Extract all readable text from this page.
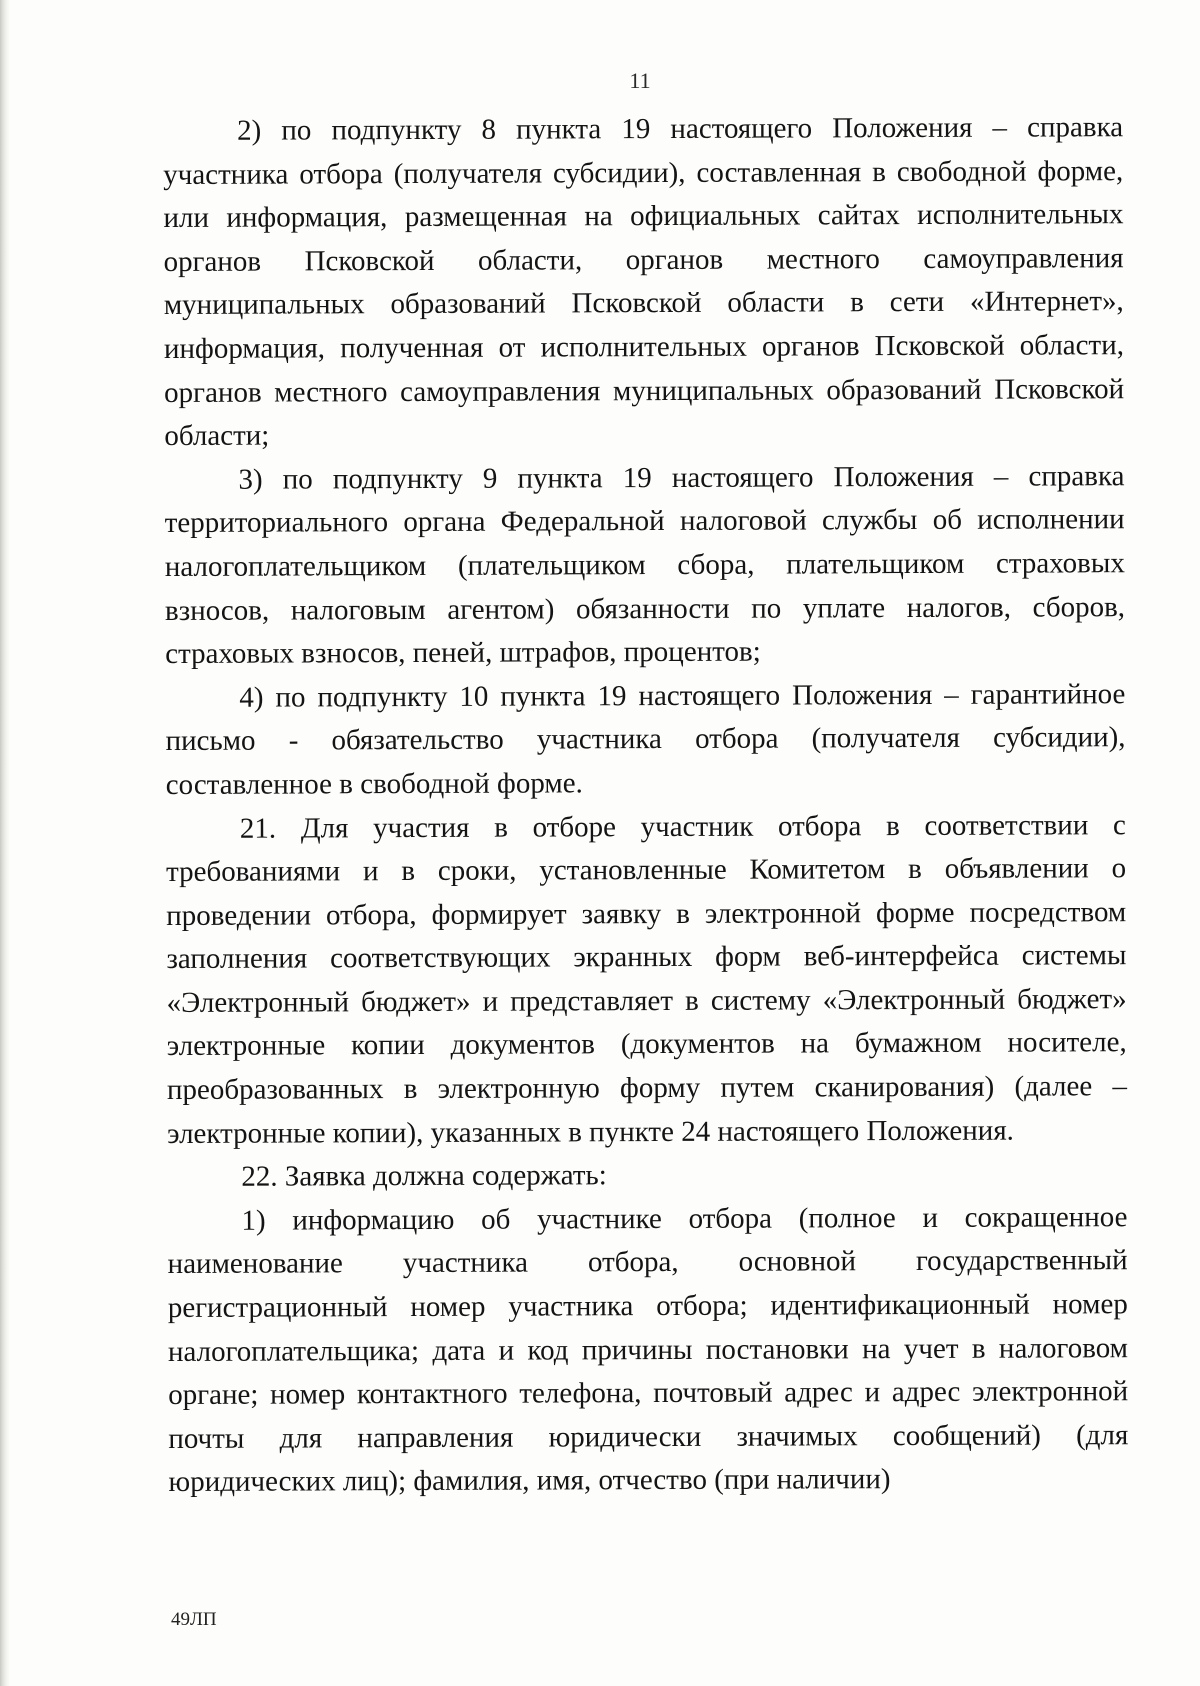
11

2) по подпункту 8 пункта 19 настоящего Положения – справка участника отбора (получателя субсидии), составленная в свободной форме, или информация, размещенная на официальных сайтах исполнительных органов Псковской области, органов местного самоуправления муниципальных образований Псковской области в сети «Интернет», информация, полученная от исполнительных органов Псковской области, органов местного самоуправления муниципальных образований Псковской области;

3) по подпункту 9 пункта 19 настоящего Положения – справка территориального органа Федеральной налоговой службы об исполнении налогоплательщиком (плательщиком сбора, плательщиком страховых взносов, налоговым агентом) обязанности по уплате налогов, сборов, страховых взносов, пеней, штрафов, процентов;

4) по подпункту 10 пункта 19 настоящего Положения – гарантийное письмо - обязательство участника отбора (получателя субсидии), составленное в свободной форме.

21. Для участия в отборе участник отбора в соответствии с требованиями и в сроки, установленные Комитетом в объявлении о проведении отбора, формирует заявку в электронной форме посредством заполнения соответствующих экранных форм веб-интерфейса системы «Электронный бюджет» и представляет в систему «Электронный бюджет» электронные копии документов (документов на бумажном носителе, преобразованных в электронную форму путем сканирования) (далее – электронные копии), указанных в пункте 24 настоящего Положения.

22. Заявка должна содержать:

1) информацию об участнике отбора (полное и сокращенное наименование участника отбора, основной государственный регистрационный номер участника отбора; идентификационный номер налогоплательщика; дата и код причины постановки на учет в налоговом органе; номер контактного телефона, почтовый адрес и адрес электронной почты для направления юридически значимых сообщений) (для юридических лиц); фамилия, имя, отчество (при наличии)

49ЛП
